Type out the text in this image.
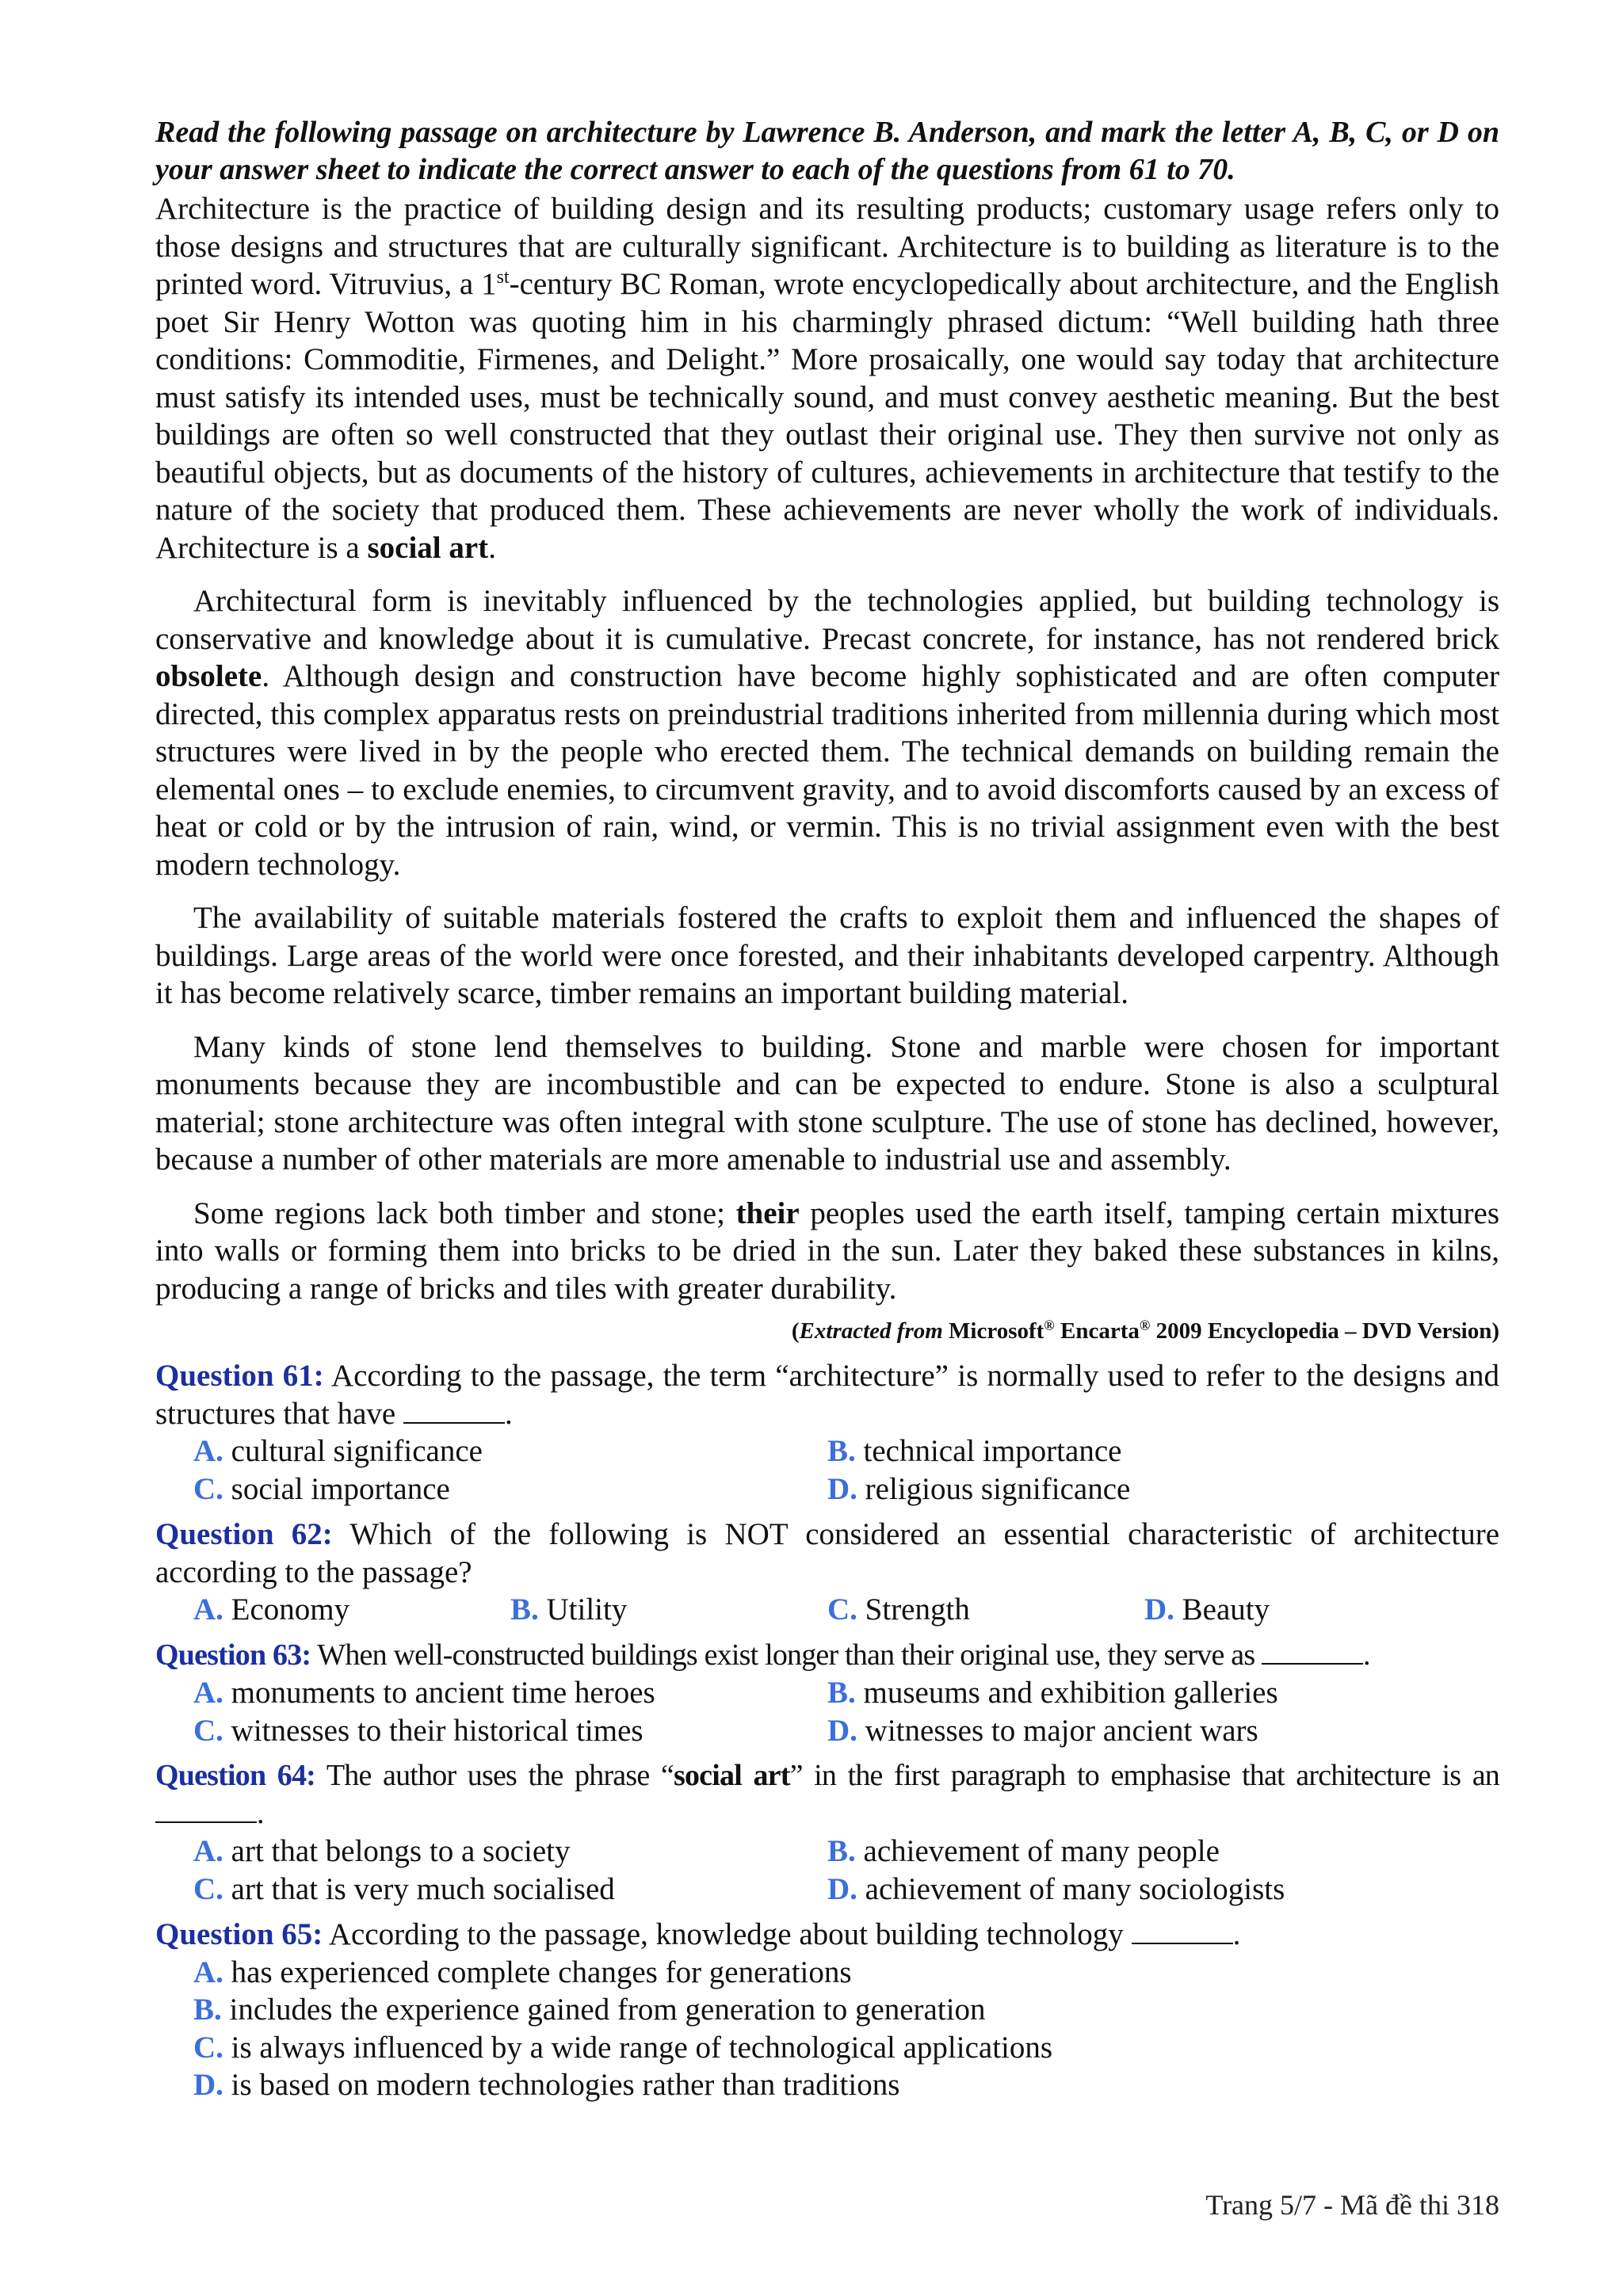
Read the following passage on architecture by Lawrence B. Anderson, and mark the letter A, B, C, or D on your answer sheet to indicate the correct answer to each of the questions from 61 to 70.

Architecture is the practice of building design and its resulting products; customary usage refers only to those designs and structures that are culturally significant. Architecture is to building as literature is to the printed word. Vitruvius, a 1st-century BC Roman, wrote encyclopedically about architecture, and the English poet Sir Henry Wotton was quoting him in his charmingly phrased dictum: “Well building hath three conditions: Commoditie, Firmenes, and Delight.” More prosaically, one would say today that architecture must satisfy its intended uses, must be technically sound, and must convey aesthetic meaning. But the best buildings are often so well constructed that they outlast their original use. They then survive not only as beautiful objects, but as documents of the history of cultures, achievements in architecture that testify to the nature of the society that produced them. These achievements are never wholly the work of individuals. Architecture is a social art.

Architectural form is inevitably influenced by the technologies applied, but building technology is conservative and knowledge about it is cumulative. Precast concrete, for instance, has not rendered brick obsolete. Although design and construction have become highly sophisticated and are often computer directed, this complex apparatus rests on preindustrial traditions inherited from millennia during which most structures were lived in by the people who erected them. The technical demands on building remain the elemental ones – to exclude enemies, to circumvent gravity, and to avoid discomforts caused by an excess of heat or cold or by the intrusion of rain, wind, or vermin. This is no trivial assignment even with the best modern technology.

The availability of suitable materials fostered the crafts to exploit them and influenced the shapes of buildings. Large areas of the world were once forested, and their inhabitants developed carpentry. Although it has become relatively scarce, timber remains an important building material.

Many kinds of stone lend themselves to building. Stone and marble were chosen for important monuments because they are incombustible and can be expected to endure. Stone is also a sculptural material; stone architecture was often integral with stone sculpture. The use of stone has declined, however, because a number of other materials are more amenable to industrial use and assembly.

Some regions lack both timber and stone; their peoples used the earth itself, tamping certain mixtures into walls or forming them into bricks to be dried in the sun. Later they baked these substances in kilns, producing a range of bricks and tiles with greater durability.

(Extracted from Microsoft® Encarta® 2009 Encyclopedia – DVD Version)
Question 61: According to the passage, the term “architecture” is normally used to refer to the designs and structures that have	.
A. cultural significance	B. technical importance
C. social importance	D. religious significance
Question 62: Which of the following is NOT considered an essential characteristic of architecture according to the passage?
A. Economy	B. Utility	C. Strength	D. Beauty
Question 63: When well-constructed buildings exist longer than their original use, they serve as	.
A. monuments to ancient time heroes	B. museums and exhibition galleries
C. witnesses to their historical times	D. witnesses to major ancient wars
Question 64: The author uses the phrase “social art” in the first paragraph to emphasise that architecture is an .
A. art that belongs to a society	B. achievement of many people
C. art that is very much socialised	D. achievement of many sociologists
Question 65: According to the passage, knowledge about building technology	.
A. has experienced complete changes for generations
B. includes the experience gained from generation to generation
C. is always influenced by a wide range of technological applications
D. is based on modern technologies rather than traditions
Trang 5/7 - Mã đề thi 318
